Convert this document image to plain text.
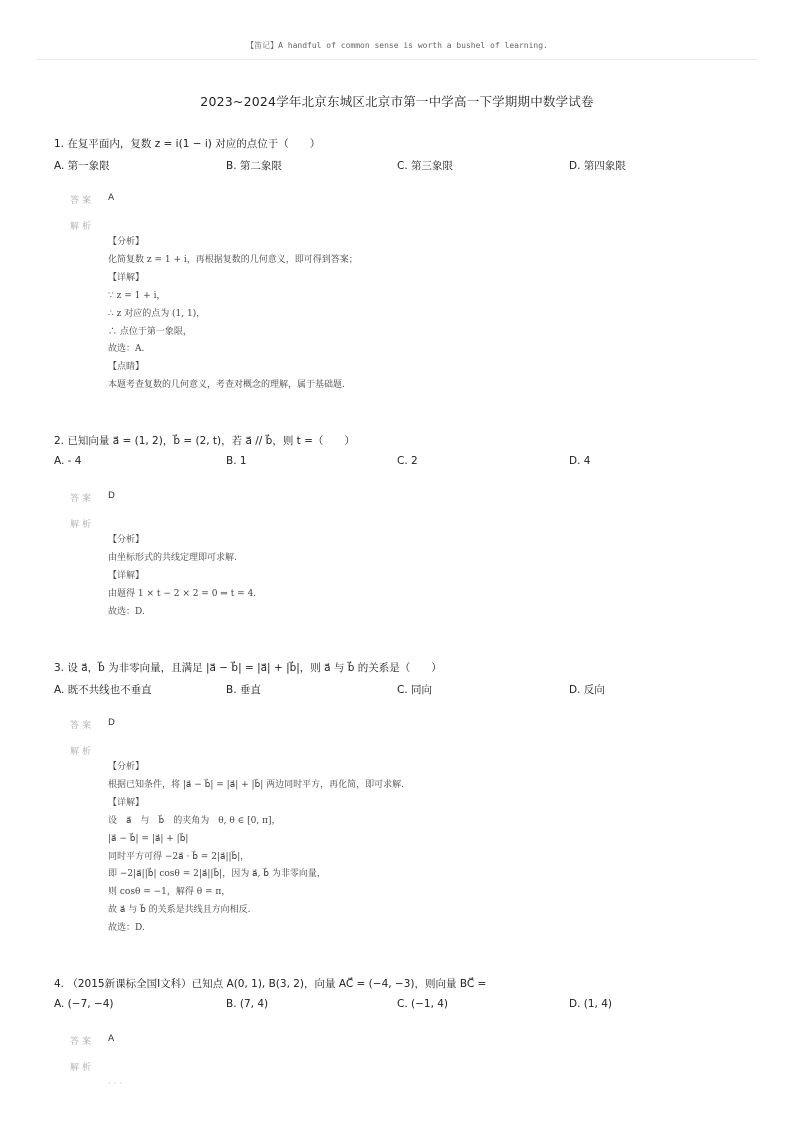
【笛记】A handful of common sense is worth a bushel of learning.
2023~2024学年北京东城区北京市第一中学高一下学期期中数学试卷
1. 在复平面内，复数 z = i(1 − i) 对应的点位于（　　）
A. 第一象限	B. 第二象限	C. 第三象限	D. 第四象限
答案 A
解析
【分析】
化简复数 z = 1 + i，再根据复数的几何意义，即可得到答案；
【详解】
∵ z = 1 + i，
∴ z 对应的点为 (1, 1)，
∴ 点位于第一象限，
故选：A.
【点睛】
本题考查复数的几何意义，考查对概念的理解，属于基础题.
2. 已知向量 a⃗ = (1, 2)，b⃗ = (2, t)，若 a⃗ // b⃗，则 t =（　　）
A. - 4	B. 1	C. 2	D. 4
答案 D
解析
【分析】
由坐标形式的共线定理即可求解.
【详解】
由题得 1 × t − 2 × 2 = 0 ⇒ t = 4.
故选：D.
3. 设 a⃗，b⃗ 为非零向量，且满足 |a⃗ − b⃗| = |a⃗| + |b⃗|，则 a⃗ 与 b⃗ 的关系是（　　）
A. 既不共线也不垂直	B. 垂直	C. 同向	D. 反向
答案 D
解析
【分析】
根据已知条件，将 |a⃗ − b⃗| = |a⃗| + |b⃗| 两边同时平方，再化简，即可求解.
【详解】
设　a⃗　与　b⃗　的夹角为　θ, θ ∈ [0, π]，
|a⃗ − b⃗| = |a⃗| + |b⃗|
同时平方可得 −2a⃗ · b⃗ = 2|a⃗||b⃗|，
即 −2|a⃗||b⃗| cosθ = 2|a⃗||b⃗|，因为 a⃗, b⃗ 为非零向量，
则 cosθ = −1，解得 θ = π，
故 a⃗ 与 b⃗ 的关系是共线且方向相反.
故选：D.
4. （2015新课标全国Ⅰ文科）已知点 A(0, 1), B(3, 2)，向量 AC⃗ = (−4, −3)，则向量 BC⃗ =
A. (−7, −4)	B. (7, 4)	C. (−1, 4)	D. (1, 4)
答案 A
解析
· · ·
